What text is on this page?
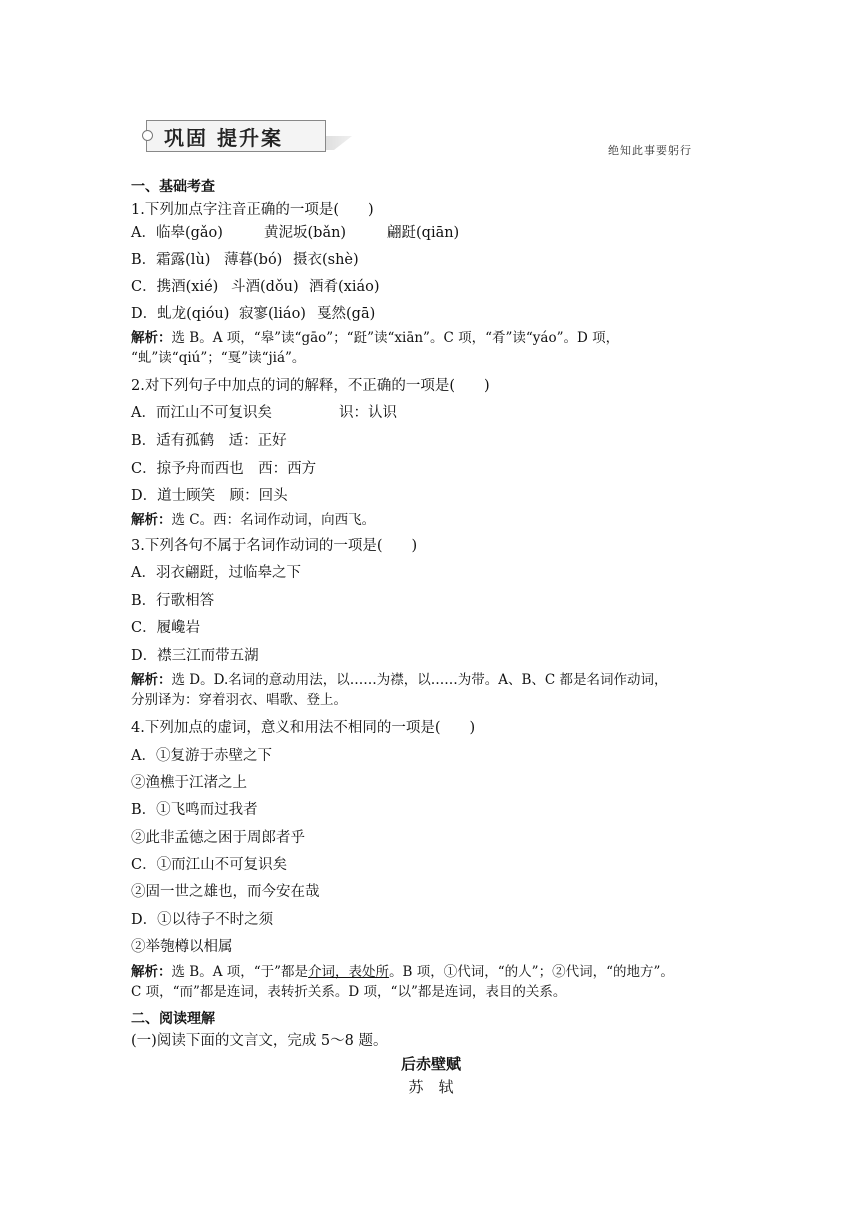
巩固 提升案
绝知此事要躬行
一、基础考查
1.下列加点字注音正确的一项是(　　)
A．临皋(gǎo)	黄泥坂(bǎn)	翩跹(qiān)
B．霜露(lù) 薄暮(bó) 摄衣(shè)
C．携酒(xié) 斗酒(dǒu) 酒肴(xiáo)
D．虬龙(qióu) 寂寥(liáo) 戛然(gā)
解析：选 B。A 项，“皋”读“gāo”；“跹”读“xiān”。C 项，“肴”读“yáo”。D 项，
“虬”读“qiú”；“戛”读“jiá”。
2.对下列句子中加点的词的解释，不正确的一项是(　　)
A．而江山不可复识矣	识：认识
B．适有孤鹤　适：正好
C．掠予舟而西也　西：西方
D．道士顾笑　顾：回头
解析：选 C。西：名词作动词，向西飞。
3.下列各句不属于名词作动词的一项是(　　)
A．羽衣翩跹，过临皋之下
B．行歌相答
C．履巉岩
D．襟三江而带五湖
解析：选 D。D.名词的意动用法，以……为襟，以……为带。A、B、C 都是名词作动词，
分别译为：穿着羽衣、唱歌、登上。
4.下列加点的虚词，意义和用法不相同的一项是(　　)
A．①复游于赤壁之下
②渔樵于江渚之上
B．①飞鸣而过我者
②此非孟德之困于周郎者乎
C．①而江山不可复识矣
②固一世之雄也，而今安在哉
D．①以待子不时之须
②举匏樽以相属
解析：选 B。A 项，“于”都是介词，表处所。B 项，①代词，“的人”；②代词，“的地方”。
C 项，“而”都是连词，表转折关系。D 项，“以”都是连词，表目的关系。
二、阅读理解
(一)阅读下面的文言文，完成 5～8 题。
后赤壁赋
苏　轼
